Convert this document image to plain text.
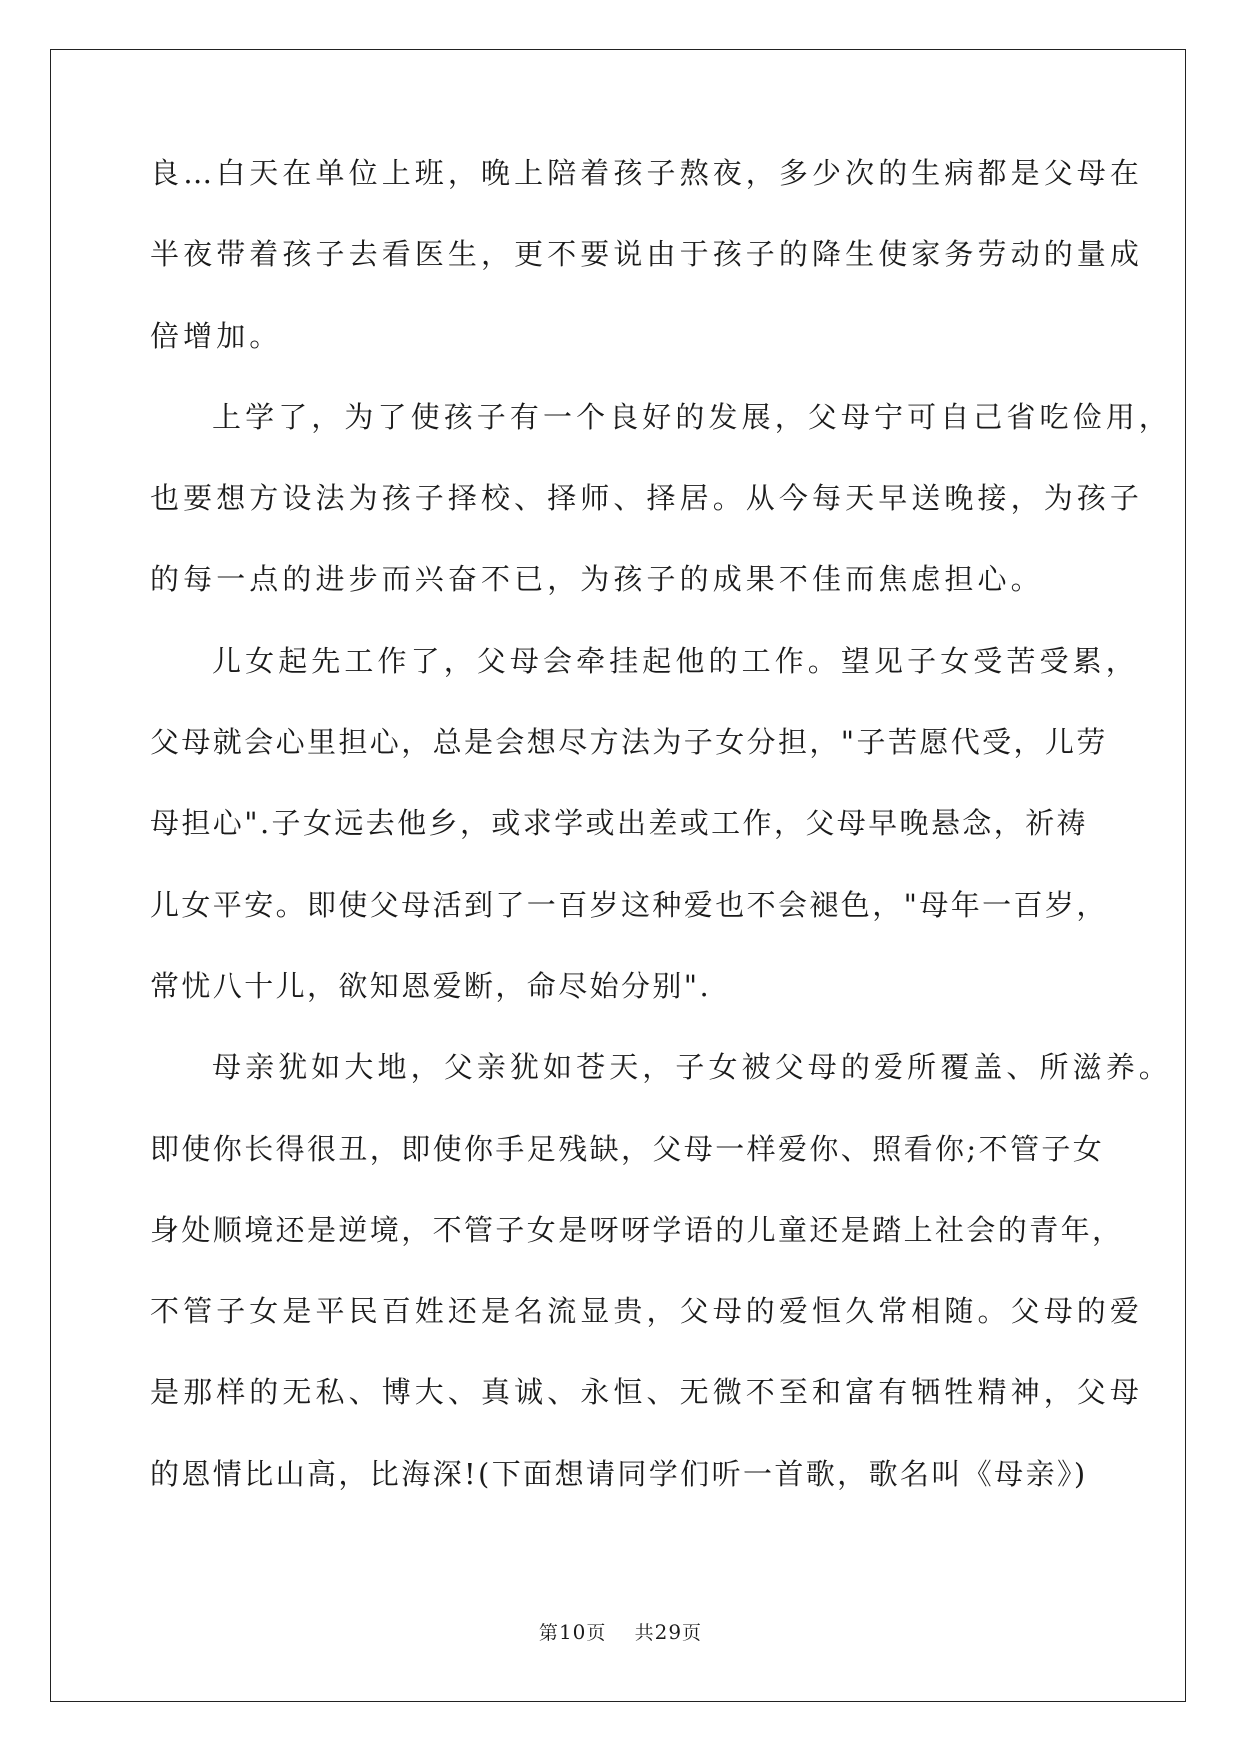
良…白天在单位上班，晚上陪着孩子熬夜，多少次的生病都是父母在
半夜带着孩子去看医生，更不要说由于孩子的降生使家务劳动的量成
倍增加。
上学了，为了使孩子有一个良好的发展，父母宁可自己省吃俭用，
也要想方设法为孩子择校、择师、择居。从今每天早送晚接，为孩子
的每一点的进步而兴奋不已，为孩子的成果不佳而焦虑担心。
儿女起先工作了，父母会牵挂起他的工作。望见子女受苦受累，
父母就会心里担心，总是会想尽方法为子女分担，"子苦愿代受，儿劳
母担心".子女远去他乡，或求学或出差或工作，父母早晚悬念，祈祷
儿女平安。即使父母活到了一百岁这种爱也不会褪色，"母年一百岁，
常忧八十儿，欲知恩爱断，命尽始分别".
母亲犹如大地，父亲犹如苍天，子女被父母的爱所覆盖、所滋养。
即使你长得很丑，即使你手足残缺，父母一样爱你、照看你;不管子女
身处顺境还是逆境，不管子女是呀呀学语的儿童还是踏上社会的青年，
不管子女是平民百姓还是名流显贵，父母的爱恒久常相随。父母的爱
是那样的无私、博大、真诚、永恒、无微不至和富有牺牲精神，父母
的恩情比山高，比海深!(下面想请同学们听一首歌，歌名叫《母亲》)
第10页 共29页
